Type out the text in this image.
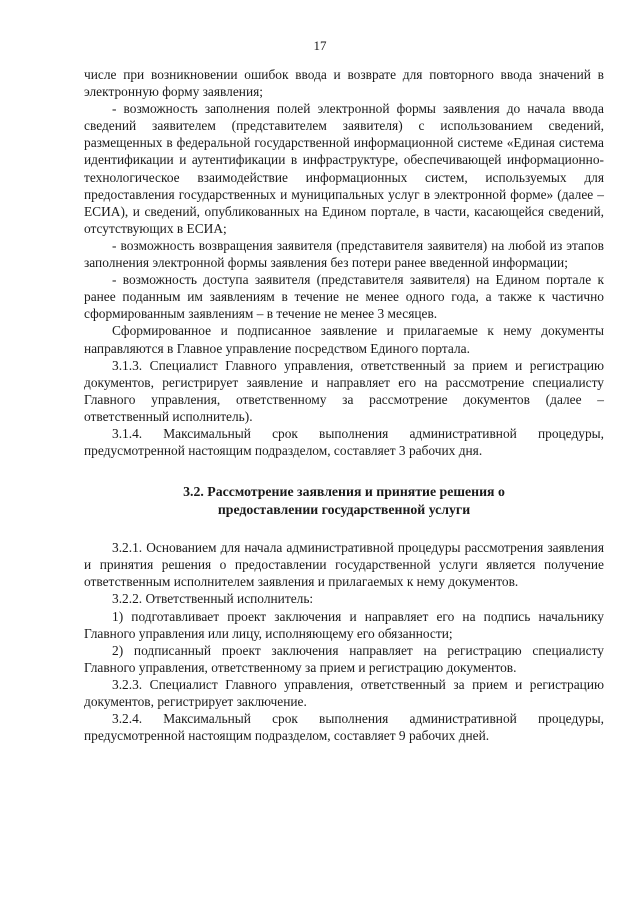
17

числе при возникновении ошибок ввода и возврате для повторного ввода значений в электронную форму заявления;

- возможность заполнения полей электронной формы заявления до начала ввода сведений заявителем (представителем заявителя) с использованием сведений, размещенных в федеральной государственной информационной системе «Единая система идентификации и аутентификации в инфраструктуре, обеспечивающей информационно-технологическое взаимодействие информационных систем, используемых для предоставления государственных и муниципальных услуг в электронной форме» (далее – ЕСИА), и сведений, опубликованных на Едином портале, в части, касающейся сведений, отсутствующих в ЕСИА;

- возможность возвращения заявителя (представителя заявителя) на любой из этапов заполнения электронной формы заявления без потери ранее введенной информации;

- возможность доступа заявителя (представителя заявителя) на Едином портале к ранее поданным им заявлениям в течение не менее одного года, а также к частично сформированным заявлениям – в течение не менее 3 месяцев.

Сформированное и подписанное заявление и прилагаемые к нему документы направляются в Главное управление посредством Единого портала.

3.1.3. Специалист Главного управления, ответственный за прием и регистрацию документов, регистрирует заявление и направляет его на рассмотрение специалисту Главного управления, ответственному за рассмотрение документов (далее – ответственный исполнитель).

3.1.4. Максимальный срок выполнения административной процедуры, предусмотренной настоящим подразделом, составляет 3 рабочих дня.

3.2. Рассмотрение заявления и принятие решения о
предоставлении государственной услуги

3.2.1. Основанием для начала административной процедуры рассмотрения заявления и принятия решения о предоставлении государственной услуги является получение ответственным исполнителем заявления и прилагаемых к нему документов.

3.2.2. Ответственный исполнитель:

1) подготавливает проект заключения и направляет его на подпись начальнику Главного управления или лицу, исполняющему его обязанности;

2) подписанный проект заключения направляет на регистрацию специалисту Главного управления, ответственному за прием и регистрацию документов.

3.2.3. Специалист Главного управления, ответственный за прием и регистрацию документов, регистрирует заключение.

3.2.4. Максимальный срок выполнения административной процедуры, предусмотренной настоящим подразделом, составляет 9 рабочих дней.
